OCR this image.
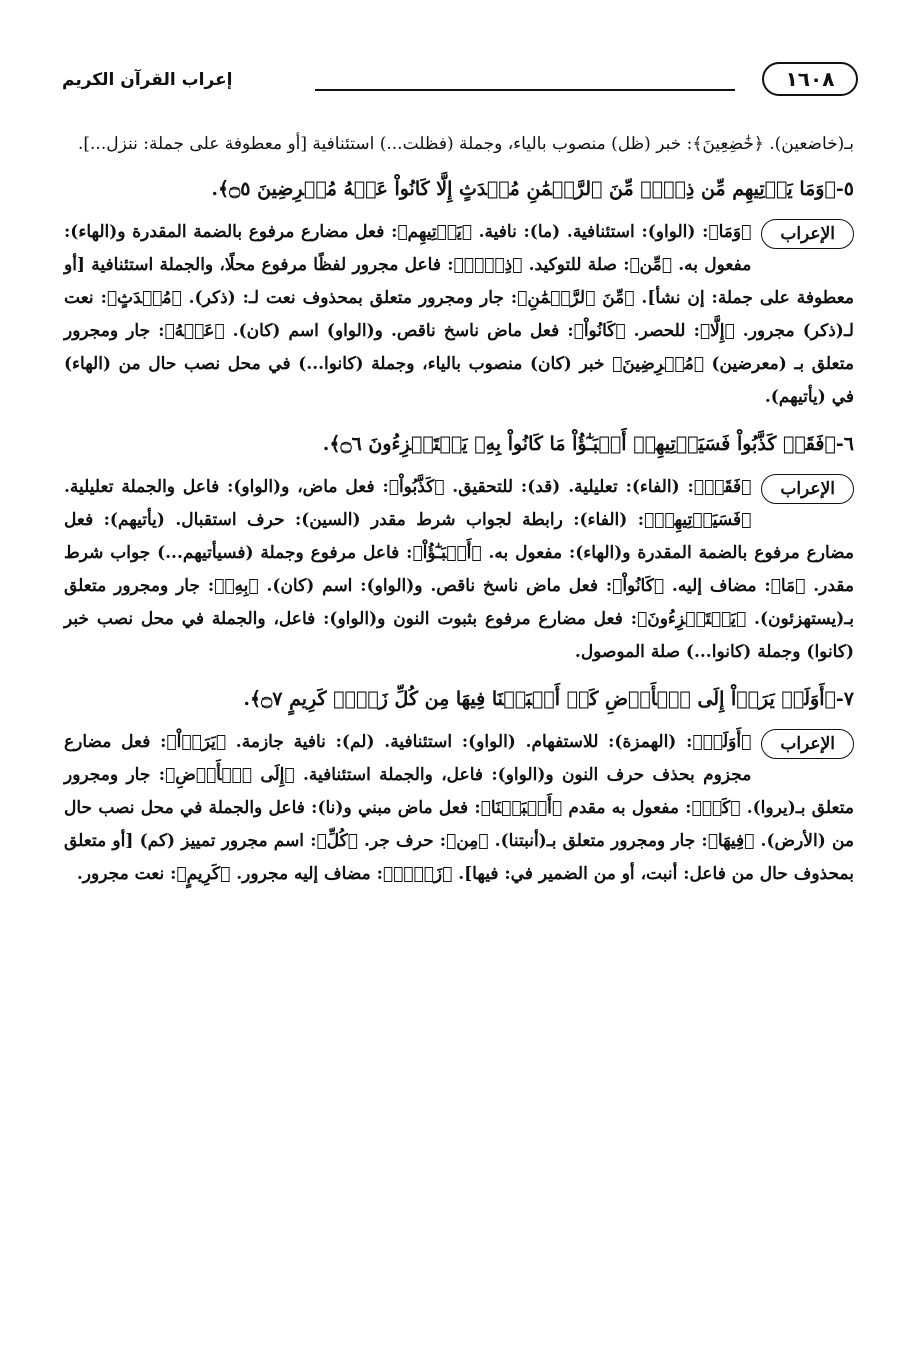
إعراب القرآن الكريم	١٦٠٨

بـ(خاضعين). ﴿خَٰضِعِينَ﴾: خبر (ظل) منصوب بالياء، وجملة (فظلت...) استئنافية [أو معطوفة على جملة: ننزل...].

٥-﴿وَمَا يَأۡتِيهِم مِّن ذِكۡرٖ مِّنَ ٱلرَّحۡمَٰنِ مُحۡدَثٍ إِلَّا كَانُواْ عَنۡهُ مُعۡرِضِينَ ۝٥﴾.

الإعراب
﴿وَمَا﴾: (الواو): استئنافية. (ما): نافية. ﴿يَأۡتِيهِم﴾: فعل مضارع مرفوع بالضمة المقدرة و(الهاء): مفعول به. ﴿مِّن﴾: صلة للتوكيد. ﴿ذِكۡرٖ﴾: فاعل مجرور لفظًا مرفوع محلًا، والجملة استئنافية [أو معطوفة على جملة: إن نشأ]. ﴿مِّنَ ٱلرَّحۡمَٰنِ﴾: جار ومجرور متعلق بمحذوف نعت لـ: (ذكر). ﴿مُحۡدَثٍ﴾: نعت لـ(ذكر) مجرور. ﴿إِلَّا﴾: للحصر. ﴿كَانُواْ﴾: فعل ماض ناسخ ناقص. و(الواو) اسم (كان). ﴿عَنۡهُ﴾: جار ومجرور متعلق بـ (معرضين) ﴿مُعۡرِضِينَ﴾ خبر (كان) منصوب بالياء، وجملة (كانوا...) في محل نصب حال من (الهاء) في (يأتيهم).

٦-﴿فَقَدۡ كَذَّبُواْ فَسَيَأۡتِيهِمۡ أَنۢبَـٰٓؤُاْ مَا كَانُواْ بِهِۦ يَسۡتَهۡزِءُونَ ۝٦﴾.

الإعراب
﴿فَقَدۡ﴾: (الفاء): تعليلية. (قد): للتحقيق. ﴿كَذَّبُواْ﴾: فعل ماض، و(الواو): فاعل والجملة تعليلية. ﴿فَسَيَأۡتِيهِمۡ﴾: (الفاء): رابطة لجواب شرط مقدر (السين): حرف استقبال. (يأتيهم): فعل مضارع مرفوع بالضمة المقدرة و(الهاء): مفعول به. ﴿أَنۢبَـٰٓؤُاْ﴾: فاعل مرفوع وجملة (فسيأتيهم...) جواب شرط مقدر. ﴿مَا﴾: مضاف إليه. ﴿كَانُواْ﴾: فعل ماض ناسخ ناقص. و(الواو): اسم (كان). ﴿بِهِۦ﴾: جار ومجرور متعلق بـ(يستهزئون). ﴿يَسۡتَهۡزِءُونَ﴾: فعل مضارع مرفوع بثبوت النون و(الواو): فاعل، والجملة في محل نصب خبر (كانوا) وجملة (كانوا...) صلة الموصول.

٧-﴿أَوَلَمۡ يَرَوۡاْ إِلَى ٱلۡأَرۡضِ كَمۡ أَنۢبَتۡنَا فِيهَا مِن كُلِّ زَوۡجٖ كَرِيمٍ ۝٧﴾.

الإعراب
﴿أَوَلَمۡ﴾: (الهمزة): للاستفهام. (الواو): استئنافية. (لم): نافية جازمة. ﴿يَرَوۡاْ﴾: فعل مضارع مجزوم بحذف حرف النون و(الواو): فاعل، والجملة استئنافية. ﴿إِلَى ٱلۡأَرۡضِ﴾: جار ومجرور متعلق بـ(يروا). ﴿كَمۡ﴾: مفعول به مقدم ﴿أَنۢبَتۡنَا﴾: فعل ماض مبني و(نا): فاعل والجملة في محل نصب حال من (الأرض). ﴿فِيهَا﴾: جار ومجرور متعلق بـ(أنبتنا). ﴿مِن﴾: حرف جر. ﴿كُلِّ﴾: اسم مجرور تمييز (كم) [أو متعلق بمحذوف حال من فاعل: أنبت، أو من الضمير في: فيها]. ﴿زَوۡجٖ﴾: مضاف إليه مجرور. ﴿كَرِيمٍ﴾: نعت مجرور.
